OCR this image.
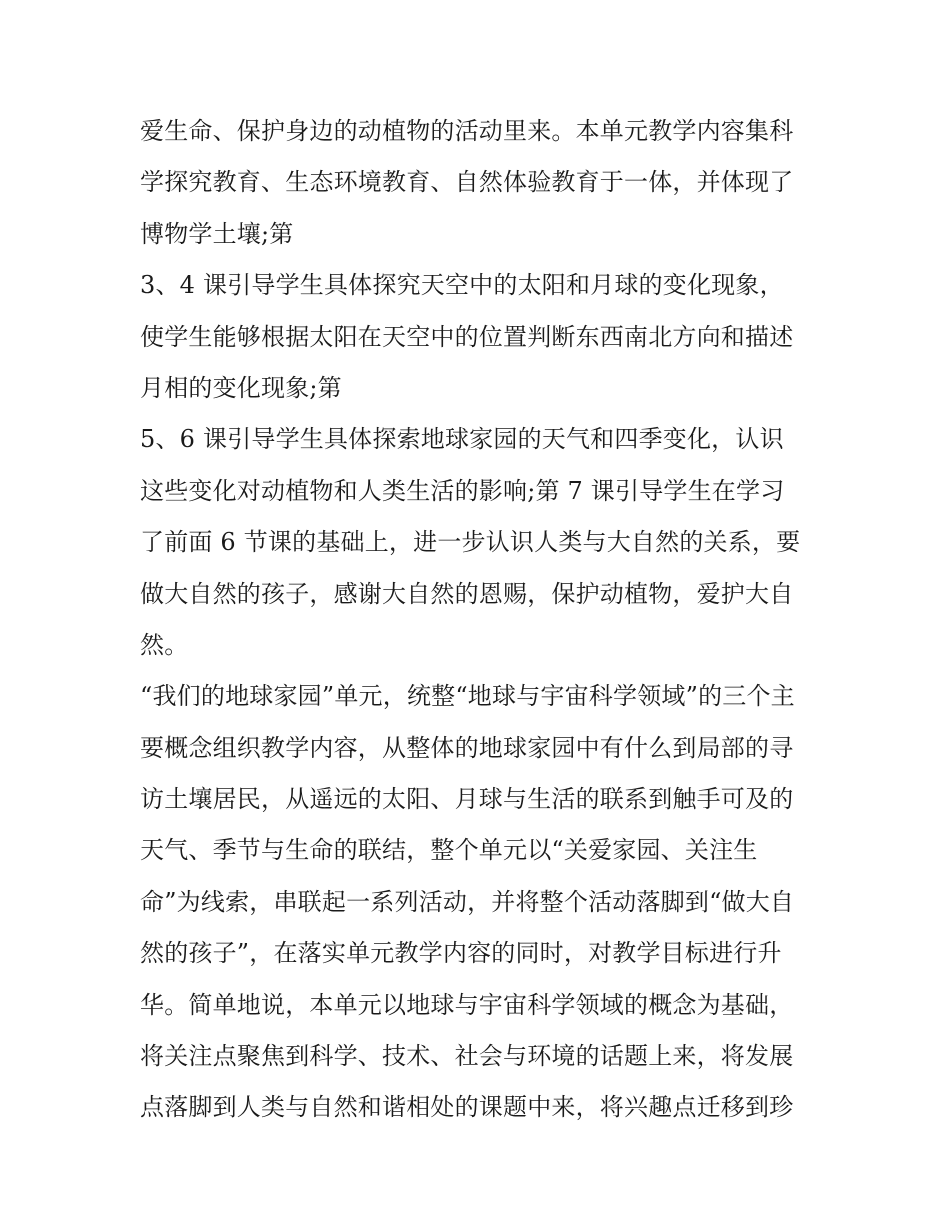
爱生命、保护身边的动植物的活动里来。本单元教学内容集科
学探究教育、生态环境教育、自然体验教育于一体，并体现了
博物学土壤;第
3、4 课引导学生具体探究天空中的太阳和月球的变化现象，
使学生能够根据太阳在天空中的位置判断东西南北方向和描述
月相的变化现象;第
5、6 课引导学生具体探索地球家园的天气和四季变化，认识
这些变化对动植物和人类生活的影响;第 7 课引导学生在学习
了前面 6 节课的基础上，进一步认识人类与大自然的关系，要
做大自然的孩子，感谢大自然的恩赐，保护动植物，爱护大自
然。
“我们的地球家园”单元，统整“地球与宇宙科学领域”的三个主
要概念组织教学内容，从整体的地球家园中有什么到局部的寻
访土壤居民，从遥远的太阳、月球与生活的联系到触手可及的
天气、季节与生命的联结，整个单元以“关爱家园、关注生
命”为线索，串联起一系列活动，并将整个活动落脚到“做大自
然的孩子”，在落实单元教学内容的同时，对教学目标进行升
华。简单地说，本单元以地球与宇宙科学领域的概念为基础，
将关注点聚焦到科学、技术、社会与环境的话题上来，将发展
点落脚到人类与自然和谐相处的课题中来，将兴趣点迁移到珍
